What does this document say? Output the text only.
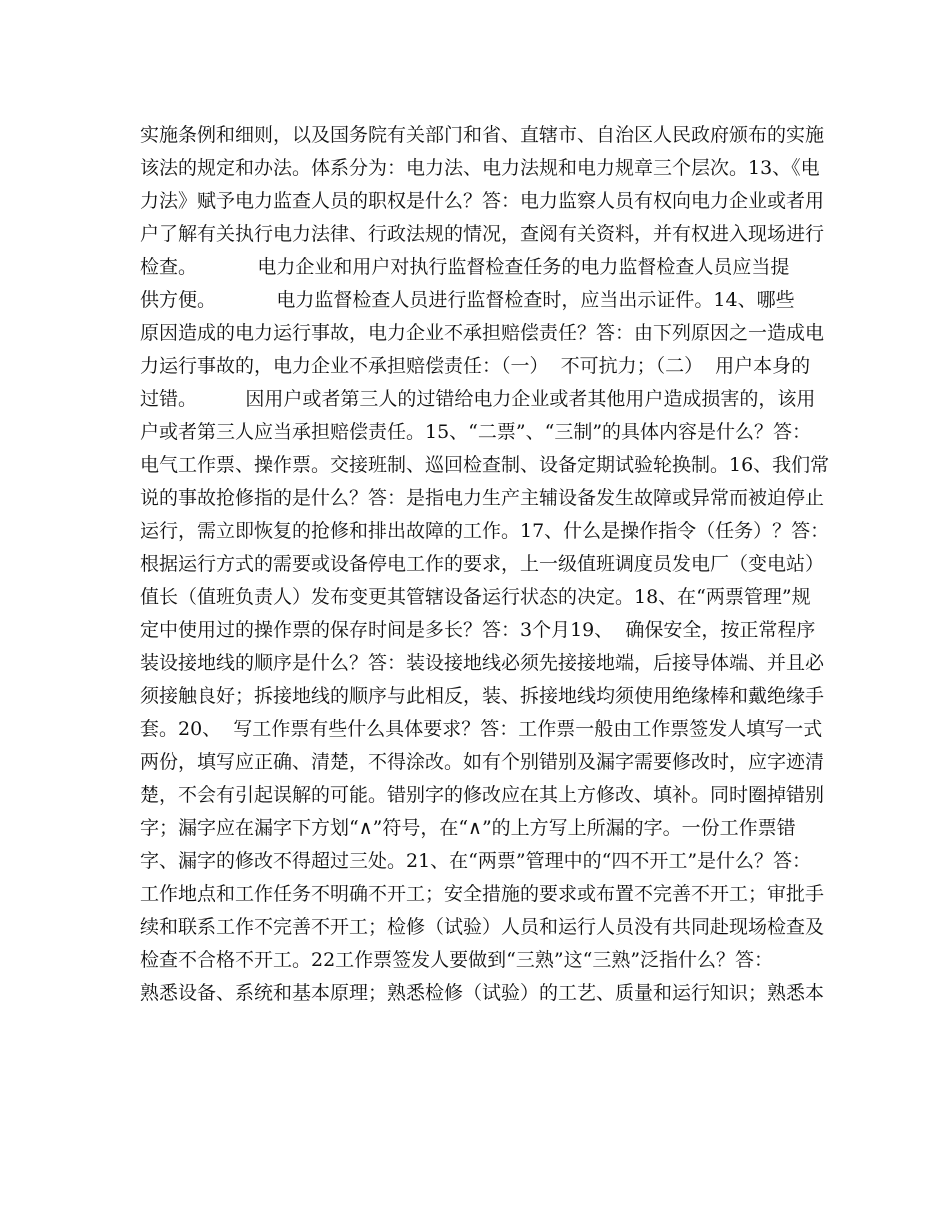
实施条例和细则，以及国务院有关部门和省、直辖市、自治区人民政府颁布的实施
该法的规定和办法。体系分为：电力法、电力法规和电力规章三个层次。13、《电
力法》赋予电力监查人员的职权是什么？答：电力监察人员有权向电力企业或者用
户了解有关执行电力法律、行政法规的情况，查阅有关资料，并有权进入现场进行
检查。          电力企业和用户对执行监督检查任务的电力监督检查人员应当提
供方便。          电力监督检查人员进行监督检查时，应当出示证件。14、哪些
原因造成的电力运行事故，电力企业不承担赔偿责任？答：由下列原因之一造成电
力运行事故的，电力企业不承担赔偿责任：（一）  不可抗力；（二）  用户本身的
过错。        因用户或者第三人的过错给电力企业或者其他用户造成损害的，该用
户或者第三人应当承担赔偿责任。15、“二票”、“三制”的具体内容是什么？答：
电气工作票、操作票。交接班制、巡回检查制、设备定期试验轮换制。16、我们常
说的事故抢修指的是什么？答：是指电力生产主辅设备发生故障或异常而被迫停止
运行，需立即恢复的抢修和排出故障的工作。17、什么是操作指令（任务）？答：
根据运行方式的需要或设备停电工作的要求，上一级值班调度员发电厂（变电站）
值长（值班负责人）发布变更其管辖设备运行状态的决定。18、在“两票管理”规
定中使用过的操作票的保存时间是多长？答：3个月19、  确保安全，按正常程序
装设接地线的顺序是什么？答：装设接地线必须先接接地端，后接导体端、并且必
须接触良好；拆接地线的顺序与此相反，装、拆接地线均须使用绝缘棒和戴绝缘手
套。20、  写工作票有些什么具体要求？答：工作票一般由工作票签发人填写一式
两份，填写应正确、清楚，不得涂改。如有个别错别及漏字需要修改时，应字迹清
楚，不会有引起误解的可能。错别字的修改应在其上方修改、填补。同时圈掉错别
字；漏字应在漏字下方划“∧”符号，在“∧”的上方写上所漏的字。一份工作票错
字、漏字的修改不得超过三处。21、在“两票”管理中的“四不开工”是什么？答：
工作地点和工作任务不明确不开工；安全措施的要求或布置不完善不开工；审批手
续和联系工作不完善不开工；检修（试验）人员和运行人员没有共同赴现场检查及
检查不合格不开工。22工作票签发人要做到“三熟”这“三熟”泛指什么？答：
熟悉设备、系统和基本原理；熟悉检修（试验）的工艺、质量和运行知识；熟悉本
